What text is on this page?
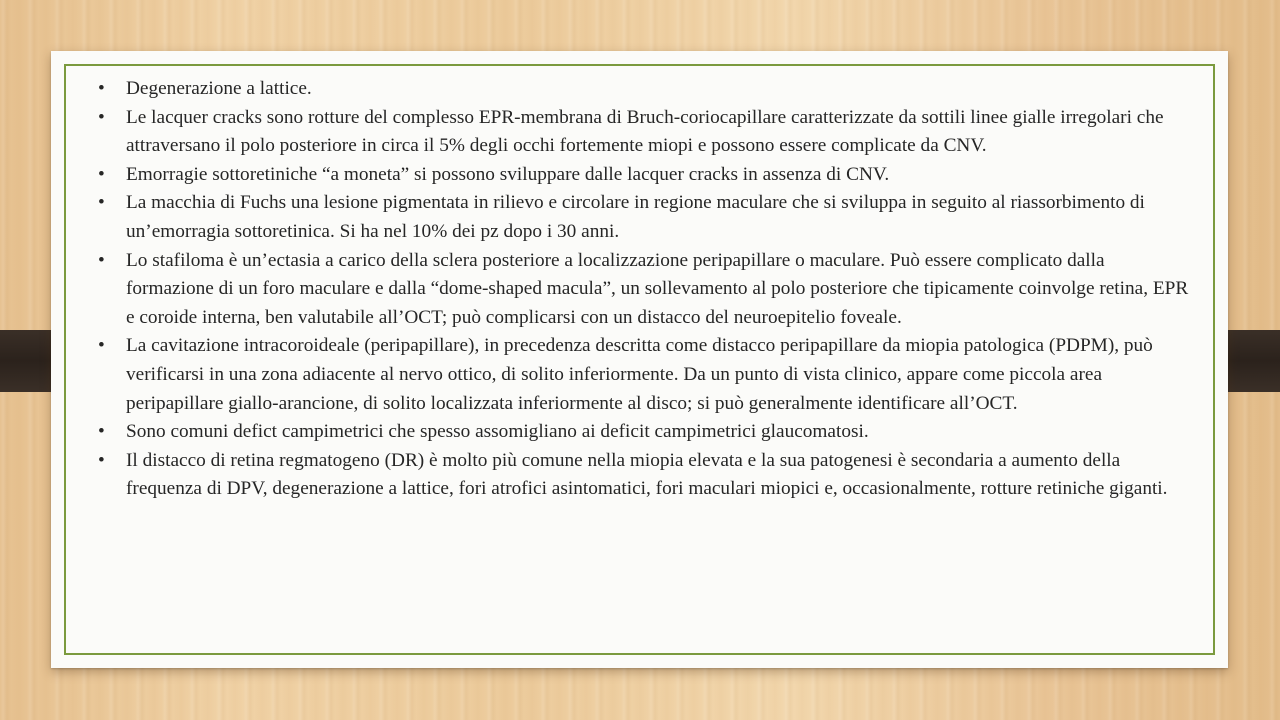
• Degenerazione a lattice.
• Le lacquer cracks sono rotture del complesso EPR-membrana di Bruch-coriocapillare caratterizzate da sottili linee gialle irregolari che attraversano il polo posteriore in circa il 5% degli occhi fortemente miopi e possono essere complicate da CNV.
• Emorragie sottoretiniche “a moneta” si possono sviluppare dalle lacquer cracks in assenza di CNV.
• La macchia di Fuchs una lesione pigmentata in rilievo e circolare in regione maculare che si sviluppa in seguito al riassorbimento di un’emorragia sottoretinica. Si ha nel 10% dei pz dopo i 30 anni.
• Lo stafiloma è un’ectasia a carico della sclera posteriore a localizzazione peripapillare o maculare. Può essere complicato dalla formazione di un foro maculare e dalla “dome-shaped macula”, un sollevamento al polo posteriore che tipicamente coinvolge retina, EPR e coroide interna, ben valutabile all’OCT; può complicarsi con un distacco del neuroepitelio foveale.
• La cavitazione intracoroideale (peripapillare), in precedenza descritta come distacco peripapillare da miopia patologica (PDPM), può verificarsi in una zona adiacente al nervo ottico, di solito inferiormente. Da un punto di vista clinico, appare come piccola area peripapillare giallo-arancione, di solito localizzata inferiormente al disco; si può generalmente identificare all’OCT.
• Sono comuni defict campimetrici che spesso assomigliano ai deficit campimetrici glaucomatosi.
• Il distacco di retina regmatogeno (DR) è molto più comune nella miopia elevata e la sua patogenesi è secondaria a aumento della frequenza di DPV, degenerazione a lattice, fori atrofici asintomatici, fori maculari miopici e, occasionalmente, rotture retiniche giganti.
